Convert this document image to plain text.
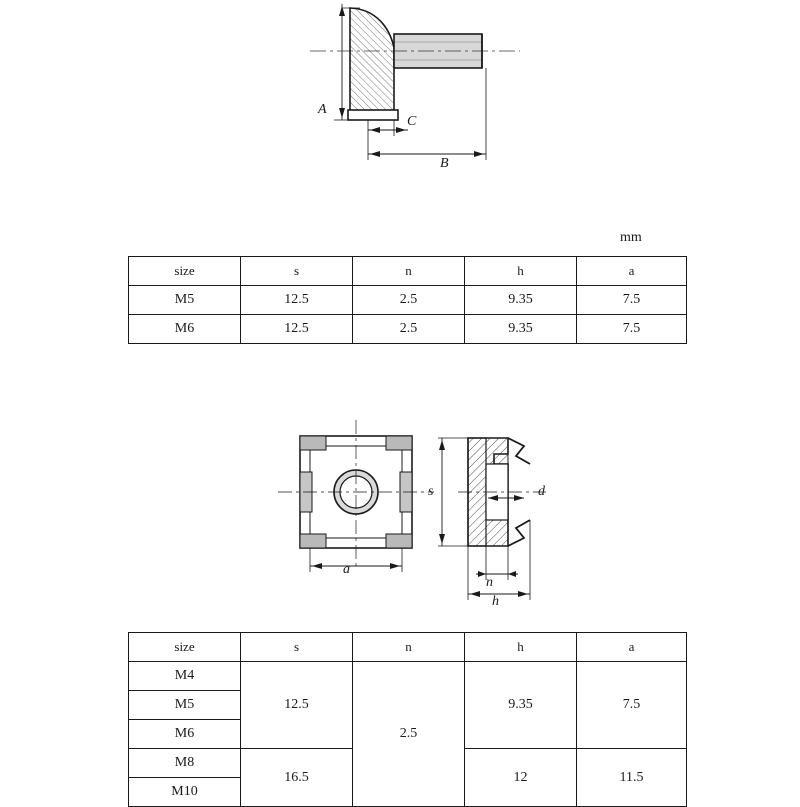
A
C
B
mm
size	s	n	h	a
M5	12.5	2.5	9.35	7.5
M6	12.5	2.5	9.35	7.5
a
s	d
n
h
size	s	n	h	a
M4	12.5	2.5	9.35	7.5
M5				
M6				
M8	16.5		12	11.5
M10				
